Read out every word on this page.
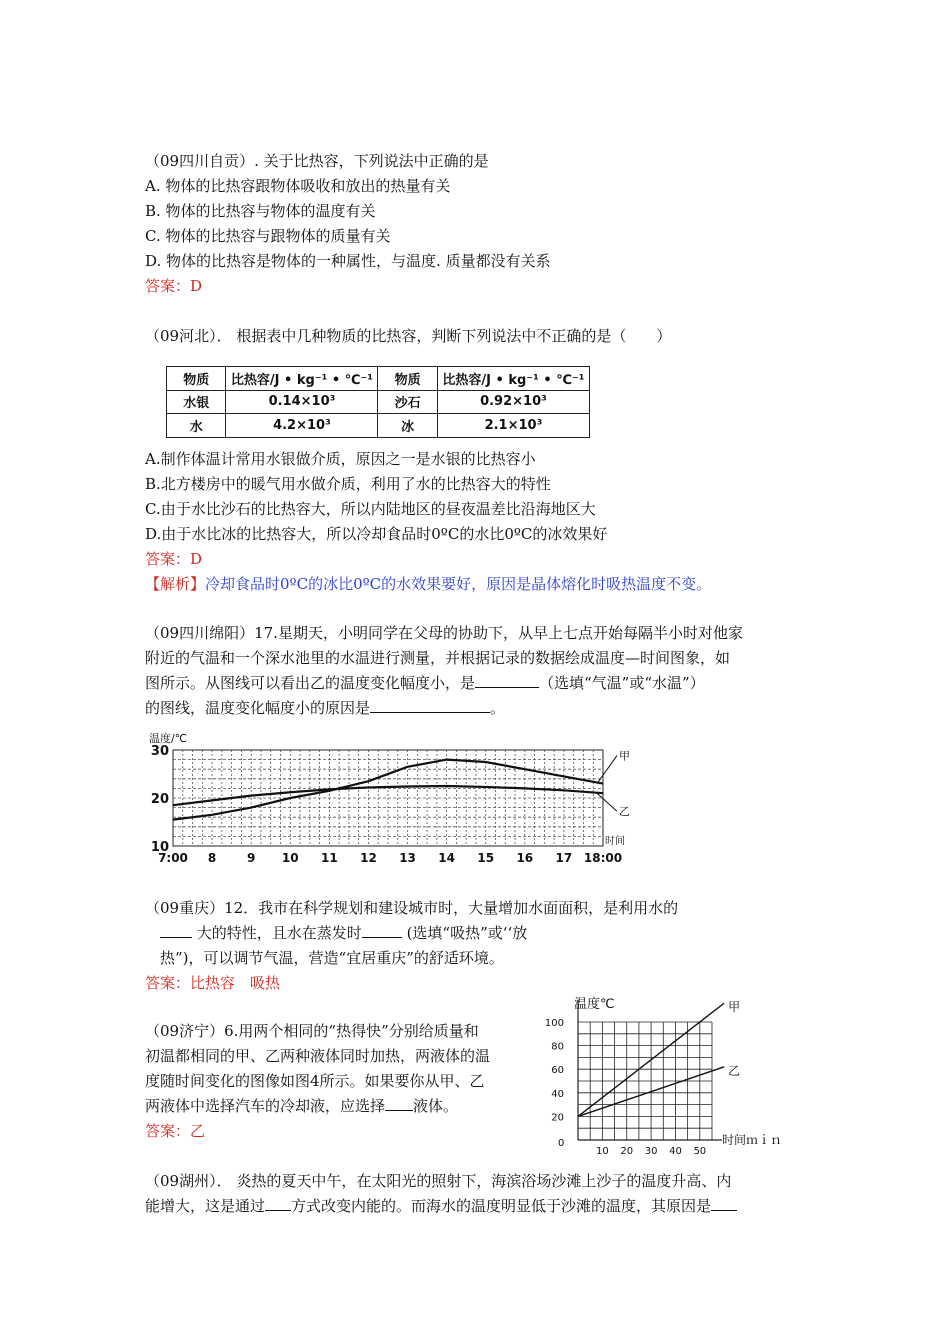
（09四川自贡）. 关于比热容，下列说法中正确的是
A. 物体的比热容跟物体吸收和放出的热量有关
B. 物体的比热容与物体的温度有关
C. 物体的比热容与跟物体的质量有关
D. 物体的比热容是物体的一种属性，与温度. 质量都没有关系
答案：D
（09河北）． 根据表中几种物质的比热容，判断下列说法中不正确的是（　　）
物质	比热容/J • kg⁻¹ • ℃⁻¹	物质	比热容/J • kg⁻¹ • ℃⁻¹
水银	0.14×10³	沙石	0.92×10³
水	4.2×10³	冰	2.1×10³
A.制作体温计常用水银做介质，原因之一是水银的比热容小
B.北方楼房中的暖气用水做介质，利用了水的比热容大的特性
C.由于水比沙石的比热容大，所以内陆地区的昼夜温差比沿海地区大
D.由于水比冰的比热容大，所以冷却食品时0ºC的水比0ºC的冰效果好
答案：D
【解析】冷却食品时0ºC的冰比0ºC的水效果要好，原因是晶体熔化时吸热温度不变。
（09四川绵阳）17.星期天，小明同学在父母的协助下，从早上七点开始每隔半小时对他家
附近的气温和一个深水池里的水温进行测量，并根据记录的数据绘成温度—时间图象，如
图所示。从图线可以看出乙的温度变化幅度小，是	（选填“气温”或“水温”）
的图线，温度变化幅度小的原因是	。
温度/℃
时间
10
20
30
7:00 8	9 10 11 12 13 14 15 16 17 18:00
甲
乙
（09重庆）12．我市在科学规划和建设城市时，大量增加水面面积，是利用水的
大的特性，且水在蒸发时	(选填“吸热”或‘‘放
热”)，可以调节气温，营造“宜居重庆”的舒适环境。
答案：比热容　吸热
（09济宁）6.用两个相同的“热得快”分别给质量和
初温都相同的甲、乙两种液体同时加热，两液体的温
度随时间变化的图像如图4所示。如果要你从甲、乙
两液体中选择汽车的冷却液，应选择 液体。
答案：乙
温度℃
时间ｍｉｎ
20
40
60
80
100
0
10 20 30 40 50
甲
乙
（09湖州）． 炎热的夏天中午，在太阳光的照射下，海滨浴场沙滩上沙子的温度升高、内
能增大，这是通过 方式改变内能的。而海水的温度明显低于沙滩的温度，其原因是
